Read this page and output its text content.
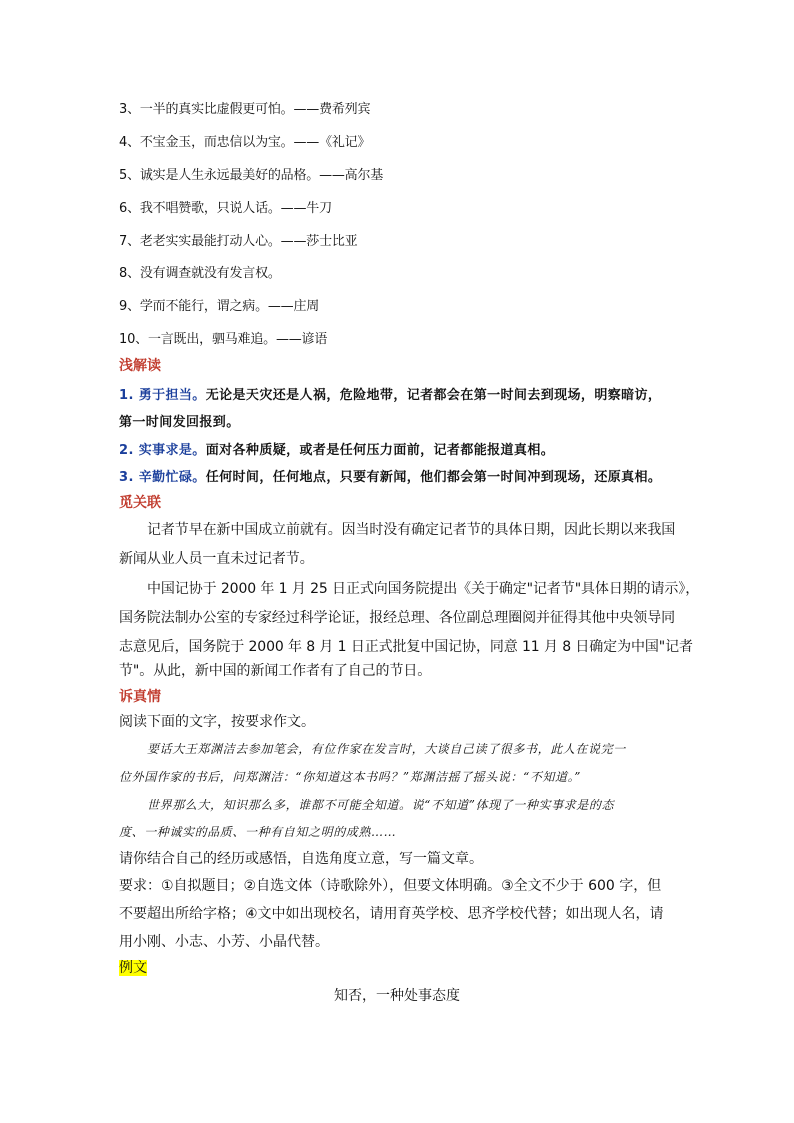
3、一半的真实比虚假更可怕。——费希列宾
4、不宝金玉，而忠信以为宝。——《礼记》
5、诚实是人生永远最美好的品格。——高尔基
6、我不唱赞歌，只说人话。——牛刀
7、老老实实最能打动人心。——莎士比亚
8、没有调查就没有发言权。
9、学而不能行，谓之病。——庄周
10、一言既出，驷马难追。——谚语
浅解读
1. 勇于担当。无论是天灾还是人祸，危险地带，记者都会在第一时间去到现场，明察暗访，
第一时间发回报到。
2. 实事求是。面对各种质疑，或者是任何压力面前，记者都能报道真相。
3. 辛勤忙碌。任何时间，任何地点，只要有新闻，他们都会第一时间冲到现场，还原真相。
觅关联
记者节早在新中国成立前就有。因当时没有确定记者节的具体日期，因此长期以来我国
新闻从业人员一直未过记者节。
中国记协于 2000 年 1 月 25 日正式向国务院提出《关于确定"记者节"具体日期的请示》，
国务院法制办公室的专家经过科学论证，报经总理、各位副总理圈阅并征得其他中央领导同
志意见后，国务院于 2000 年 8 月 1 日正式批复中国记协，同意 11 月 8 日确定为中国"记者
节"。从此，新中国的新闻工作者有了自己的节日。
诉真情
阅读下面的文字，按要求作文。
要话大王郑渊洁去参加笔会，有位作家在发言时，大谈自己读了很多书，此人在说完一
位外国作家的书后，问郑渊洁：“你知道这本书吗？”郑渊洁摇了摇头说：“不知道。”
世界那么大，知识那么多，谁都不可能全知道。说“不知道”体现了一种实事求是的态
度、一种诚实的品质、一种有自知之明的成熟……
请你结合自己的经历或感悟，自选角度立意，写一篇文章。
要求：①自拟题目；②自选文体（诗歌除外），但要文体明确。③全文不少于 600 字，但
不要超出所给字格；④文中如出现校名，请用育英学校、思齐学校代替；如出现人名，请
用小刚、小志、小芳、小晶代替。
例文
知否，一种处事态度
